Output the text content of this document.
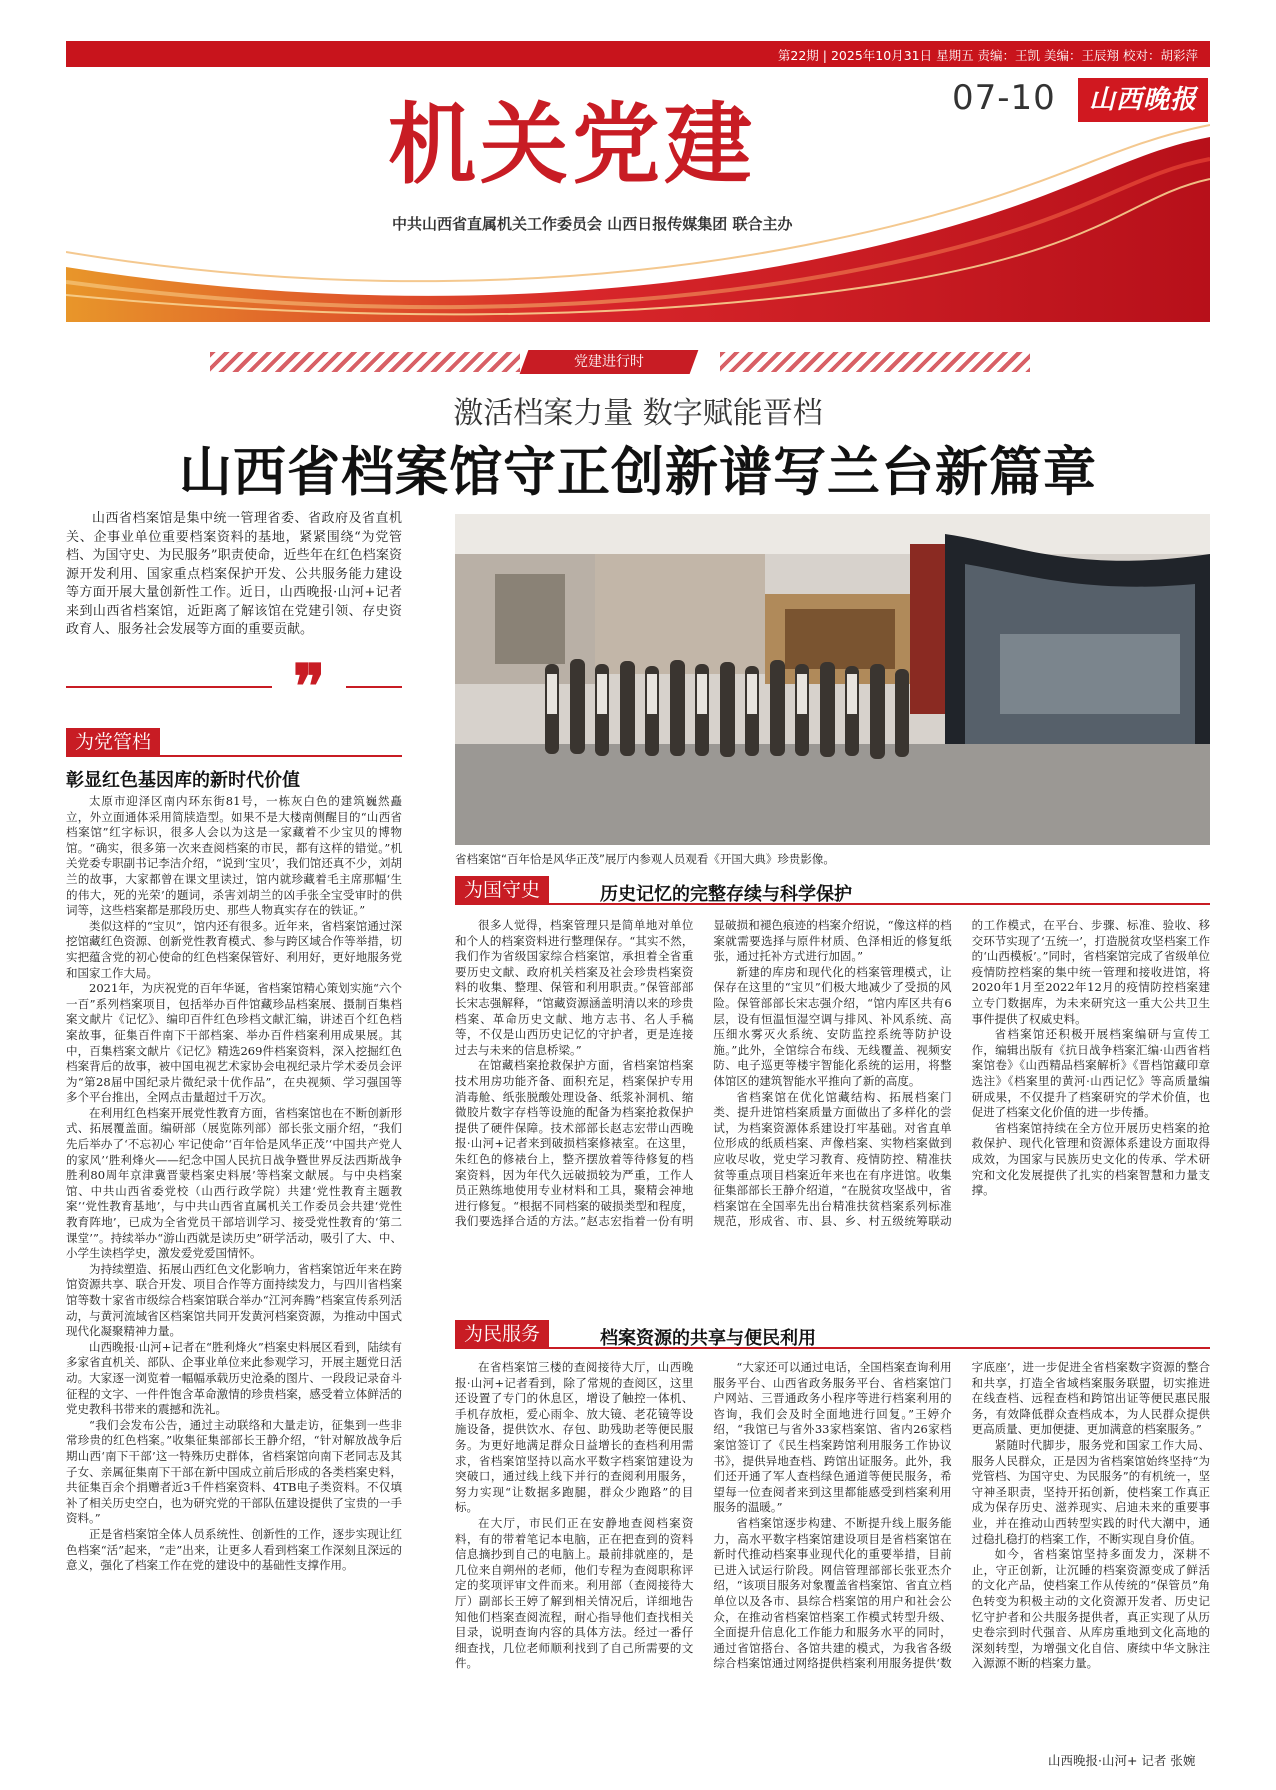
第22期 | 2025年10月31日 星期五 责编：王凯 美编：王辰翔 校对：胡彩萍
07-10	山西晚报
机关党建
中共山西省直属机关工作委员会 山西日报传媒集团 联合主办
党建进行时
激活档案力量 数字赋能晋档
山西省档案馆守正创新谱写兰台新篇章

山西省档案馆是集中统一管理省委、省政府及省直机关、企事业单位重要档案资料的基地，紧紧围绕“为党管档、为国守史、为民服务”职责使命，近些年在红色档案资源开发利用、国家重点档案保护开发、公共服务能力建设等方面开展大量创新性工作。近日，山西晚报·山河+记者来到山西省档案馆，近距离了解该馆在党建引领、存史资政育人、服务社会发展等方面的重要贡献。

❞
省档案馆“百年恰是风华正茂”展厅内参观人员观看《开国大典》珍贵影像。
为党管档
彰显红色基因库的新时代价值

太原市迎泽区南内环东街81号，一栋灰白色的建筑巍然矗立，外立面通体采用简牍造型。如果不是大楼南侧醒目的“山西省档案馆”红字标识，很多人会以为这是一家藏着不少宝贝的博物馆。“确实，很多第一次来查阅档案的市民，都有这样的错觉。”机关党委专职副书记李洁介绍，“说到‘宝贝’，我们馆还真不少，刘胡兰的故事，大家都曾在课文里读过，馆内就珍藏着毛主席那幅‘生的伟大，死的光荣’的题词，杀害刘胡兰的凶手张全宝受审时的供词等，这些档案都是那段历史、那些人物真实存在的铁证。”

类似这样的“宝贝”，馆内还有很多。近年来，省档案馆通过深挖馆藏红色资源、创新党性教育模式、参与跨区域合作等举措，切实把蕴含党的初心使命的红色档案保管好、利用好，更好地服务党和国家工作大局。

2021年，为庆祝党的百年华诞，省档案馆精心策划实施“六个一百”系列档案项目，包括举办百件馆藏珍品档案展、摄制百集档案文献片《记忆》、编印百件红色珍档文献汇编，讲述百个红色档案故事，征集百件南下干部档案、举办百件档案利用成果展。其中，百集档案文献片《记忆》精选269件档案资料，深入挖掘红色档案背后的故事，被中国电视艺术家协会电视纪录片学术委员会评为“第28届中国纪录片微纪录十优作品”，在央视频、学习强国等多个平台推出，全网点击量超过千万次。

在利用红色档案开展党性教育方面，省档案馆也在不断创新形式、拓展覆盖面。编研部（展览陈列部）部长张文丽介绍，“我们先后举办了‘不忘初心 牢记使命’‘百年恰是风华正茂’‘中国共产党人的家风’‘胜利烽火——纪念中国人民抗日战争暨世界反法西斯战争胜利80周年京津冀晋蒙档案史料展’等档案文献展。与中央档案馆、中共山西省委党校（山西行政学院）共建‘党性教育主题教案’‘党性教育基地’，与中共山西省直属机关工作委员会共建‘党性教育阵地’，已成为全省党员干部培训学习、接受党性教育的‘第二课堂’”。持续举办“游山西就是读历史”研学活动，吸引了大、中、小学生读档学史，激发爱党爱国情怀。

为持续塑造、拓展山西红色文化影响力，省档案馆近年来在跨馆资源共享、联合开发、项目合作等方面持续发力，与四川省档案馆等数十家省市级综合档案馆联合举办“江河奔腾”档案宣传系列活动，与黄河流域省区档案馆共同开发黄河档案资源，为推动中国式现代化凝聚精神力量。

山西晚报·山河+记者在“胜利烽火”档案史料展区看到，陆续有多家省直机关、部队、企事业单位来此参观学习，开展主题党日活动。大家逐一浏览着一幅幅承载历史沧桑的图片、一段段记录奋斗征程的文字、一件件饱含革命激情的珍贵档案，感受着立体鲜活的党史教科书带来的震撼和洗礼。

“我们会发布公告，通过主动联络和大量走访，征集到一些非常珍贵的红色档案。”收集征集部部长王静介绍，“针对解放战争后期山西‘南下干部’这一特殊历史群体，省档案馆向南下老同志及其子女、亲属征集南下干部在新中国成立前后形成的各类档案史料，共征集百余个捐赠者近3千件档案资料、4TB电子类资料。不仅填补了相关历史空白，也为研究党的干部队伍建设提供了宝贵的一手资料。”

正是省档案馆全体人员系统性、创新性的工作，逐步实现让红色档案“活”起来，“走”出来，让更多人看到档案工作深刻且深远的意义，强化了档案工作在党的建设中的基础性支撑作用。

为国守史	历史记忆的完整存续与科学保护

很多人觉得，档案管理只是简单地对单位和个人的档案资料进行整理保存。“其实不然，我们作为省级国家综合档案馆，承担着全省重要历史文献、政府机关档案及社会珍贵档案资料的收集、整理、保管和利用职责。”保管部部长宋志强解释，“馆藏资源涵盖明清以来的珍贵档案、革命历史文献、地方志书、名人手稿等，不仅是山西历史记忆的守护者，更是连接过去与未来的信息桥梁。”

在馆藏档案抢救保护方面，省档案馆档案技术用房功能齐备、面积充足，档案保护专用消毒舱、纸张脱酸处理设备、纸浆补洞机、缩微胶片数字存档等设施的配备为档案抢救保护提供了硬件保障。技术部部长赵志宏带山西晚报·山河+记者来到破损档案修裱室。在这里，朱红色的修裱台上，整齐摆放着等待修复的档案资料，因为年代久远破损较为严重，工作人员正熟练地使用专业材料和工具，聚精会神地进行修复。“根据不同档案的破损类型和程度，我们要选择合适的方法。”赵志宏指着一份有明显破损和褪色痕迹的档案介绍说，“像这样的档案就需要选择与原件材质、色泽相近的修复纸张，通过托补方式进行加固。”

新建的库房和现代化的档案管理模式，让保存在这里的“宝贝”们极大地减少了受损的风险。保管部部长宋志强介绍，“馆内库区共有6层，设有恒温恒湿空调与排风、补风系统、高压细水雾灭火系统、安防监控系统等防护设施。”此外，全馆综合布线、无线覆盖、视频安防、电子巡更等楼宇智能化系统的运用，将整体馆区的建筑智能水平推向了新的高度。

省档案馆在优化馆藏结构、拓展档案门类、提升进馆档案质量方面做出了多样化的尝试，为档案资源体系建设打牢基础。对省直单位形成的纸质档案、声像档案、实物档案做到应收尽收，党史学习教育、疫情防控、精准扶贫等重点项目档案近年来也在有序进馆。收集征集部部长王静介绍道，“在脱贫攻坚战中，省档案馆在全国率先出台精准扶贫档案系列标准规范，形成省、市、县、乡、村五级统筹联动的工作模式，在平台、步骤、标准、验收、移交环节实现了‘五统一’，打造脱贫攻坚档案工作的‘山西模板’。”同时，省档案馆完成了省级单位疫情防控档案的集中统一管理和接收进馆，将2020年1月至2022年12月的疫情防控档案建立专门数据库，为未来研究这一重大公共卫生事件提供了权威史料。

省档案馆还积极开展档案编研与宣传工作，编辑出版有《抗日战争档案汇编·山西省档案馆卷》《山西精品档案解析》《晋档馆藏印章选注》《档案里的黄河·山西记忆》等高质量编研成果，不仅提升了档案研究的学术价值，也促进了档案文化价值的进一步传播。

省档案馆持续在全方位开展历史档案的抢救保护、现代化管理和资源体系建设方面取得成效，为国家与民族历史文化的传承、学术研究和文化发展提供了扎实的档案智慧和力量支撑。

为民服务	档案资源的共享与便民利用

在省档案馆三楼的查阅接待大厅，山西晚报·山河+记者看到，除了常规的查阅区，这里还设置了专门的休息区，增设了触控一体机、手机存放柜，爱心雨伞、放大镜、老花镜等设施设备，提供饮水、存包、助残助老等便民服务。为更好地满足群众日益增长的查档利用需求，省档案馆坚持以高水平数字档案馆建设为突破口，通过线上线下并行的查阅利用服务，努力实现“让数据多跑腿，群众少跑路”的目标。

在大厅，市民们正在安静地查阅档案资料，有的带着笔记本电脑，正在把查到的资料信息摘抄到自己的电脑上。最前排就座的，是几位来自朔州的老师，他们专程为查阅职称评定的奖项评审文件而来。利用部（查阅接待大厅）副部长王婷了解到相关情况后，详细地告知他们档案查阅流程，耐心指导他们查找相关目录，说明查询内容的具体方法。经过一番仔细查找，几位老师顺利找到了自己所需要的文件。

“大家还可以通过电话，全国档案查询利用服务平台、山西省政务服务平台、省档案馆门户网站、三晋通政务小程序等进行档案利用的咨询，我们会及时全面地进行回复。”王婷介绍，“我馆已与省外33家档案馆、省内26家档案馆签订了《民生档案跨馆利用服务工作协议书》，提供异地查档、跨馆出证服务。此外，我们还开通了军人查档绿色通道等便民服务，希望每一位查阅者来到这里都能感受到档案利用服务的温暖。”

省档案馆逐步构建、不断提升线上服务能力，高水平数字档案馆建设项目是省档案馆在新时代推动档案事业现代化的重要举措，目前已进入试运行阶段。网信管理部部长张亚杰介绍，“该项目服务对象覆盖省档案馆、省直立档单位以及各市、县综合档案馆的用户和社会公众，在推动省档案馆档案工作模式转型升级、全面提升信息化工作能力和服务水平的同时，通过省馆搭台、各馆共建的模式，为我省各级综合档案馆通过网络提供档案利用服务提供‘数字底座’，进一步促进全省档案数字资源的整合和共享，打造全省域档案服务联盟，切实推进在线查档、远程查档和跨馆出证等便民惠民服务，有效降低群众查档成本，为人民群众提供更高质量、更加便捷、更加满意的档案服务。”

紧随时代脚步，服务党和国家工作大局、服务人民群众，正是因为省档案馆始终坚持“为党管档、为国守史、为民服务”的有机统一，坚守神圣职责，坚持开拓创新，使档案工作真正成为保存历史、滋养现实、启迪未来的重要事业，并在推动山西转型实践的时代大潮中，通过稳扎稳打的档案工作，不断实现自身价值。

如今，省档案馆坚持多面发力，深耕不止，守正创新，让沉睡的档案资源变成了鲜活的文化产品，使档案工作从传统的“保管员”角色转变为积极主动的文化资源开发者、历史记忆守护者和公共服务提供者，真正实现了从历史卷宗到时代强音、从库房重地到文化高地的深刻转型，为增强文化自信、赓续中华文脉注入源源不断的档案力量。

山西晚报·山河+ 记者 张婉
